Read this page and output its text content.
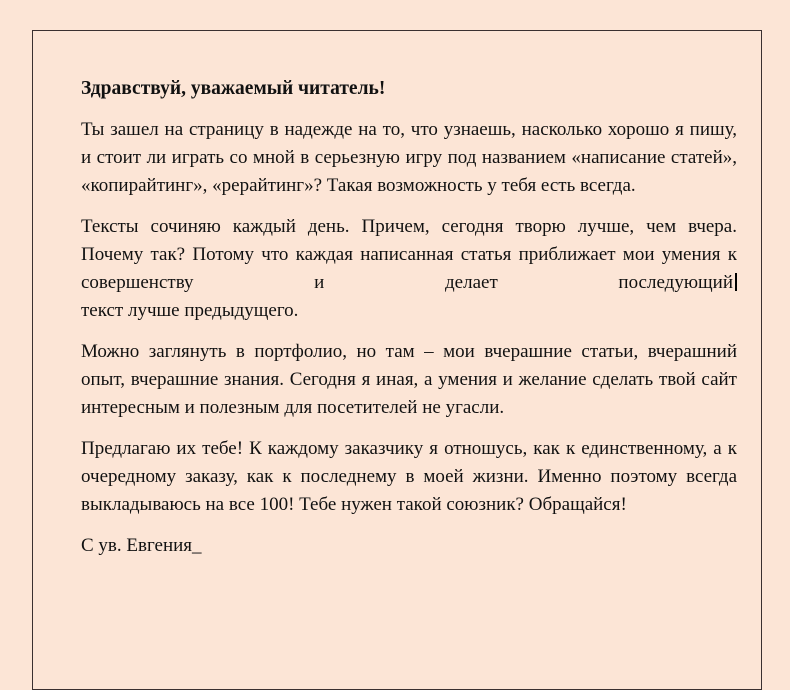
Здравствуй, уважаемый читатель!

Ты зашел на страницу в надежде на то, что узнаешь, насколько хорошо я пишу, и стоит ли играть со мной в серьезную игру под названием «написание статей», «копирайтинг», «рерайтинг»? Такая возможность у тебя есть всегда.

Тексты сочиняю каждый день. Причем, сегодня творю лучше, чем вчера. Почему так? Потому что каждая написанная статья приближает мои умения к совершенству и делает последующий

текст лучше предыдущего.

Можно заглянуть в портфолио, но там – мои вчерашние статьи, вчерашний опыт, вчерашние знания. Сегодня я иная, а умения и желание сделать твой сайт интересным и полезным для посетителей не угасли.

Предлагаю их тебе! К каждому заказчику я отношусь, как к единственному, а к очередному заказу, как к последнему в моей жизни. Именно поэтому всегда выкладываюсь на все 100! Тебе нужен такой союзник? Обращайся!

С ув. Евгения_
